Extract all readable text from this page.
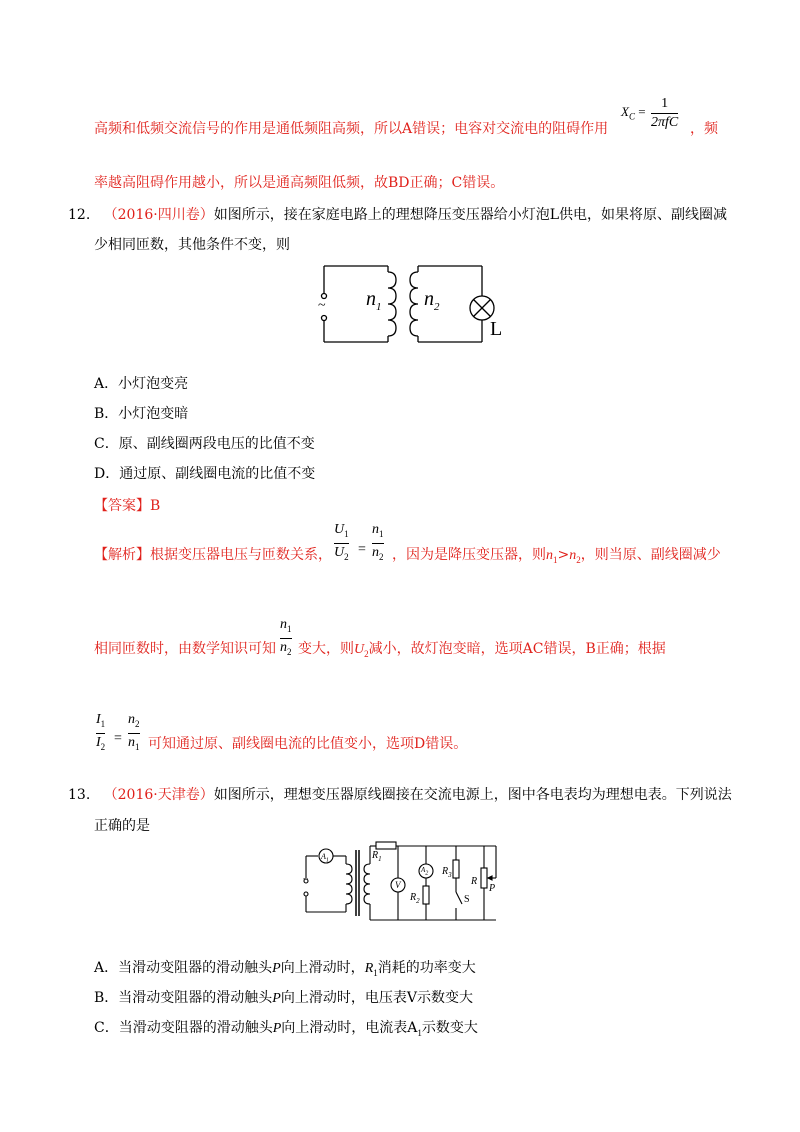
高频和低频交流信号的作用是通低频阻高频，所以A错误；电容对交流电的阻碍作用
$X_C$ =
1
2πfC ，频
率越高阻碍作用越小，所以是通高频阻低频，故BD正确；C错误。
12. （2016·四川卷）如图所示，接在家庭电路上的理想降压变压器给小灯泡L供电，如果将原、副线圈减
少相同匝数，其他条件不变，则
~ $n_1$ $n_2$
L
A．小灯泡变亮
B．小灯泡变暗
C．原、副线圈两段电压的比值不变
D．通过原、副线圈电流的比值不变
【答案】B
【解析】根据变压器电压与匝数关系，
$U_1$
$U_2$ =
$n_1$
$n_2$ ，因为是降压变压器，则$n_1>n_2$，则当原、副线圈减少
相同匝数时，由数学知识可知
$n_1$
$n_2$ 变大，则$U_2$减小，故灯泡变暗，选项AC错误，B正确；根据
$I_1$
$I_2$
=
$n_2$
$n_1$ 可知通过原、副线圈电流的比值变小，选项D错误。
13. （2016·天津卷）如图所示，理想变压器原线圈接在交流电源上，图中各电表均为理想电表。下列说法
正确的是
$A_1$	$R_1$
V
$A_2$
$R_2$
$R_3$
S
R
P
~
A．当滑动变阻器的滑动触头P向上滑动时，$R_1$消耗的功率变大
B．当滑动变阻器的滑动触头P向上滑动时，电压表V示数变大
C．当滑动变阻器的滑动触头P向上滑动时，电流表$A_1$示数变大
